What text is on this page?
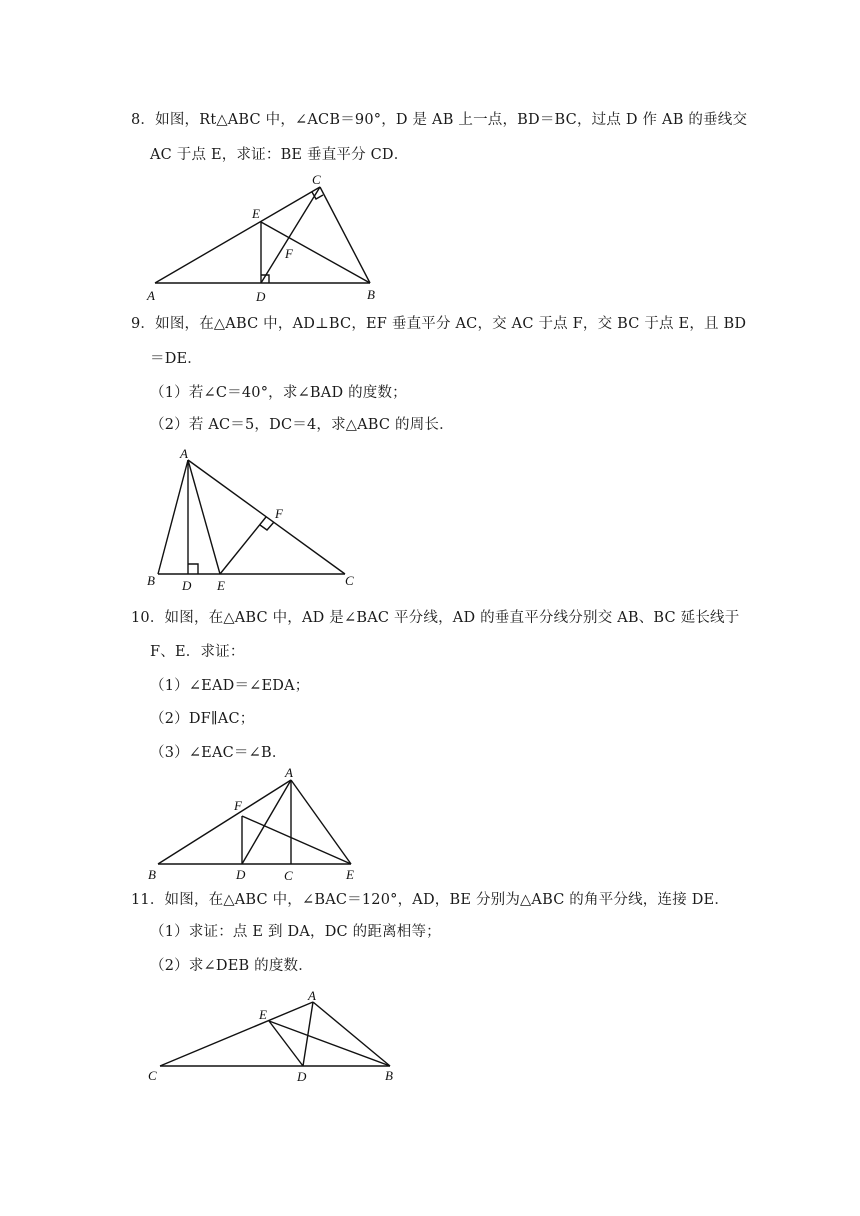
8．如图，Rt△ABC 中，∠ACB＝90°，D 是 AB 上一点，BD＝BC，过点 D 作 AB 的垂线交
AC 于点 E，求证：BE 垂直平分 CD．
A	D	B
C
E
F
9．如图，在△ABC 中，AD⊥BC，EF 垂直平分 AC，交 AC 于点 F，交 BC 于点 E，且 BD
＝DE．
（1）若∠C＝40°，求∠BAD 的度数；
（2）若 AC＝5，DC＝4，求△ABC 的周长．
A
B D E	C
F
10．如图，在△ABC 中，AD 是∠BAC 平分线，AD 的垂直平分线分别交 AB、BC 延长线于
F、E．求证：
（1）∠EAD＝∠EDA；
（2）DF∥AC；
（3）∠EAC＝∠B．
A
F
B	D	C	E
11．如图，在△ABC 中，∠BAC＝120°，AD，BE 分别为△ABC 的角平分线，连接 DE．
（1）求证：点 E 到 DA，DC 的距离相等；
（2）求∠DEB 的度数．
A
E
C	D	B
